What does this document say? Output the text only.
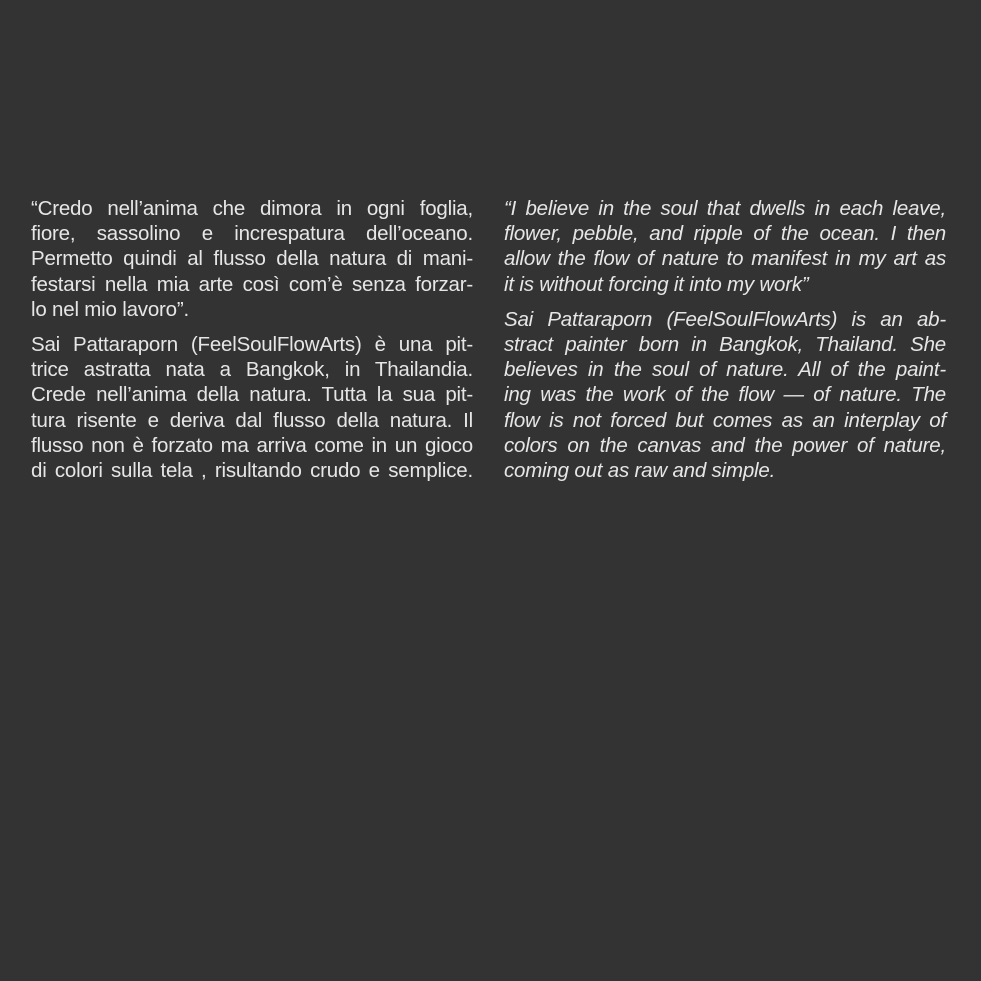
“Credo nell’anima che dimora in ogni foglia,
fiore, sassolino e increspatura dell’oceano.
Permetto quindi al flusso della natura di mani-
festarsi nella mia arte così com’è senza forzar-
lo nel mio lavoro”.
Sai Pattaraporn (FeelSoulFlowArts) è una pit-
trice astratta nata a Bangkok, in Thailandia.
Crede nell’anima della natura. Tutta la sua pit-
tura risente e deriva dal flusso della natura. Il
flusso non è forzato ma arriva come in un gioco
di colori sulla tela , risultando crudo e semplice.
“I believe in the soul that dwells in each leave,
flower, pebble, and ripple of the ocean. I then
allow the flow of nature to manifest in my art as
it is without forcing it into my work”
Sai Pattaraporn (FeelSoulFlowArts) is an ab-
stract painter born in Bangkok, Thailand. She
believes in the soul of nature. All of the paint-
ing was the work of the flow — of nature. The
flow is not forced but comes as an interplay of
colors on the canvas and the power of nature,
coming out as raw and simple.
